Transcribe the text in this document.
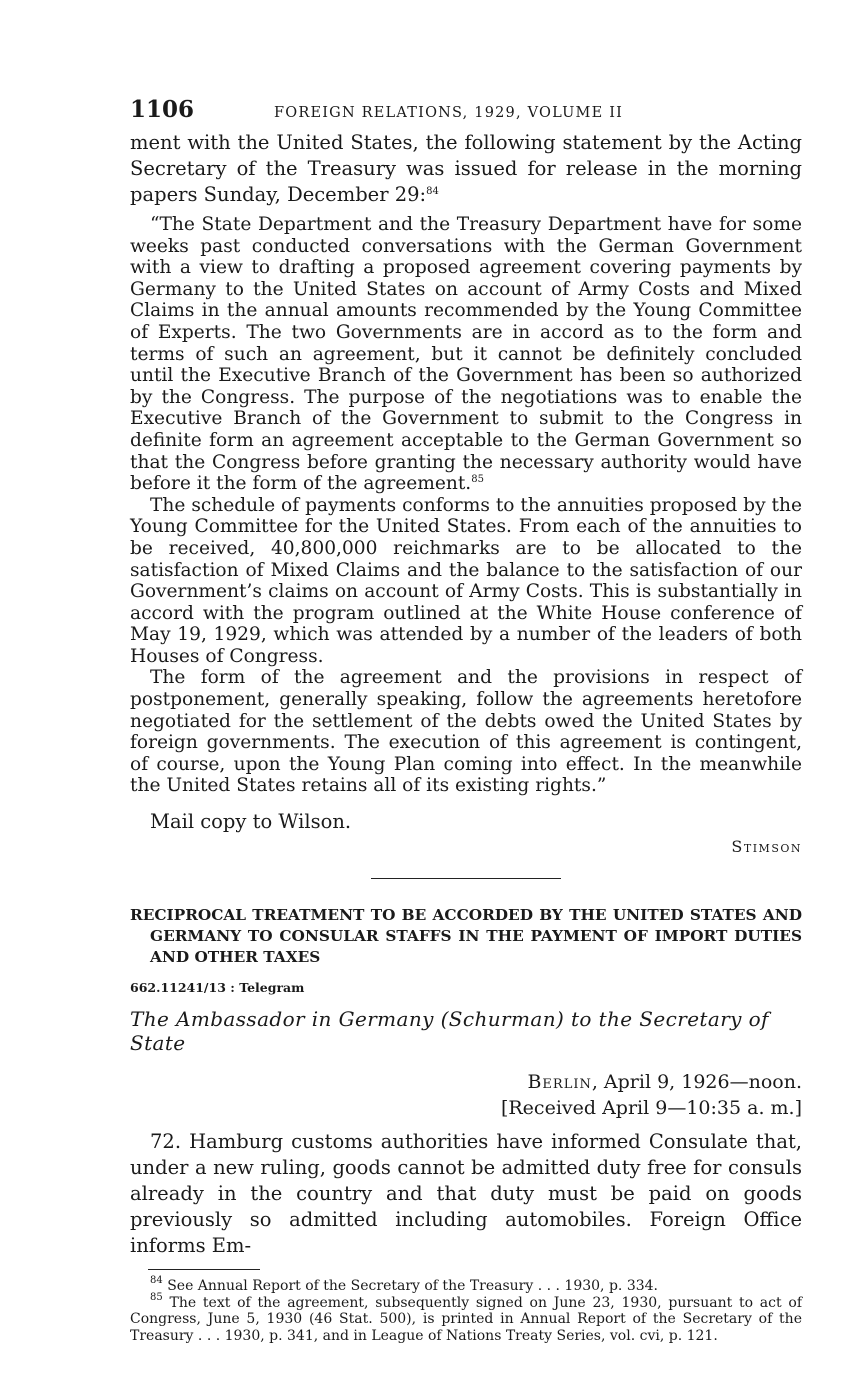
1106	FOREIGN RELATIONS, 1929, VOLUME II

ment with the United States, the following statement by the Acting Secretary of the Treasury was issued for release in the morning papers Sunday, December 29:$^{84}$

“The State Department and the Treasury Department have for some weeks past conducted conversations with the German Government with a view to drafting a proposed agreement covering payments by Germany to the United States on account of Army Costs and Mixed Claims in the annual amounts recommended by the Young Committee of Experts. The two Governments are in accord as to the form and terms of such an agreement, but it cannot be definitely concluded until the Executive Branch of the Government has been so authorized by the Congress. The purpose of the negotiations was to enable the Executive Branch of the Government to submit to the Congress in definite form an agreement acceptable to the German Government so that the Congress before granting the necessary authority would have before it the form of the agreement.$^{85}$

The schedule of payments conforms to the annuities proposed by the Young Committee for the United States. From each of the annuities to be received, 40,800,000 reichmarks are to be allocated to the satisfaction of Mixed Claims and the balance to the satisfaction of our Government’s claims on account of Army Costs. This is substantially in accord with the program outlined at the White House conference of May 19, 1929, which was attended by a number of the leaders of both Houses of Congress.

The form of the agreement and the provisions in respect of postponement, generally speaking, follow the agreements heretofore negotiated for the settlement of the debts owed the United States by foreign governments. The execution of this agreement is contingent, of course, upon the Young Plan coming into effect. In the meanwhile the United States retains all of its existing rights.”

Mail copy to Wilson.

Stimson
RECIPROCAL TREATMENT TO BE ACCORDED BY THE UNITED STATES AND GERMANY TO CONSULAR STAFFS IN THE PAYMENT OF IMPORT DUTIES AND OTHER TAXES
662.11241/13 : Telegram
The Ambassador in Germany (Schurman) to the Secretary of State
Berlin, April 9, 1926—noon.
[Received April 9—10:35 a. m.]

72. Hamburg customs authorities have informed Consulate that, under a new ruling, goods cannot be admitted duty free for consuls already in the country and that duty must be paid on goods previously so admitted including automobiles. Foreign Office informs Em-

$^{84}$ See Annual Report of the Secretary of the Treasury . . . 1930, p. 334.

$^{85}$ The text of the agreement, subsequently signed on June 23, 1930, pursuant to act of Congress, June 5, 1930 (46 Stat. 500), is printed in Annual Report of the Secretary of the Treasury . . . 1930, p. 341, and in League of Nations Treaty Series, vol. cvi, p. 121.
